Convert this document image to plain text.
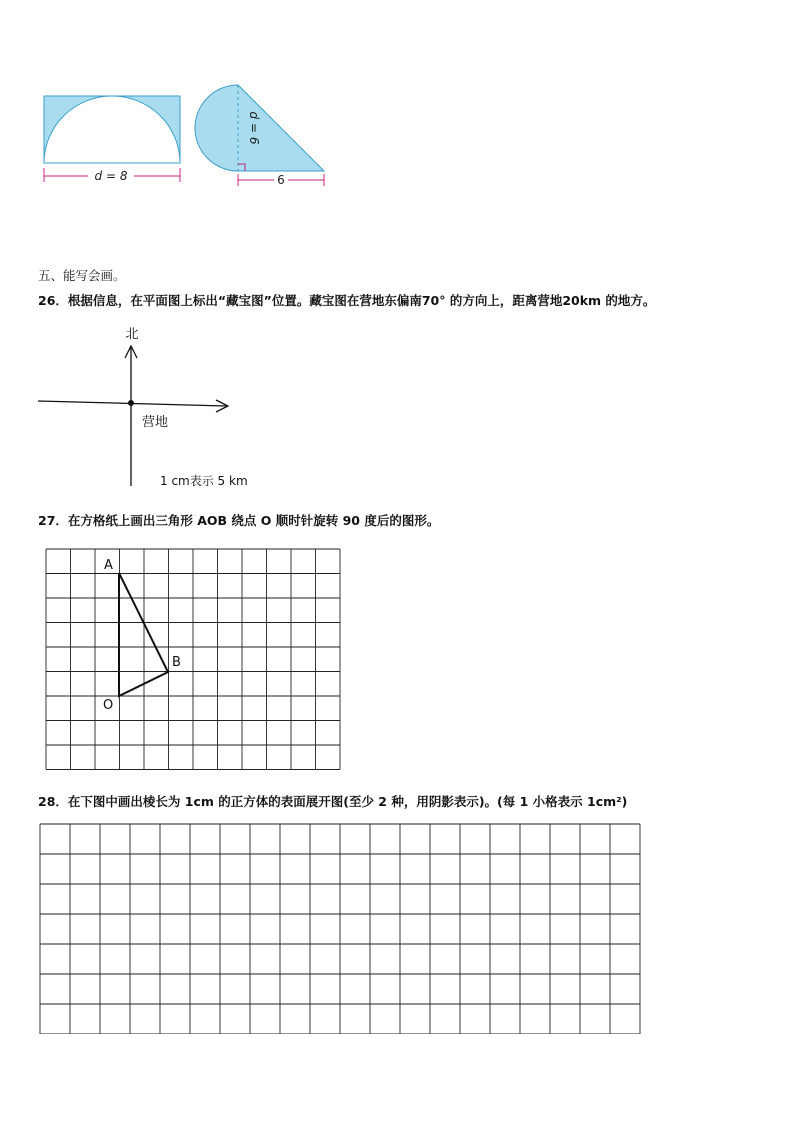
d = 8
d = 6
6
五、能写会画。
26．根据信息，在平面图上标出“藏宝图”位置。藏宝图在营地东偏南70° 的方向上，距离营地20km 的地方。
北
营地
1 cm表示 5 km
27．在方格纸上画出三角形 AOB 绕点 O 顺时针旋转 90 度后的图形。
A
B
O
28．在下图中画出棱长为 1cm 的正方体的表面展开图(至少 2 种，用阴影表示)。(每 1 小格表示 1cm²)
